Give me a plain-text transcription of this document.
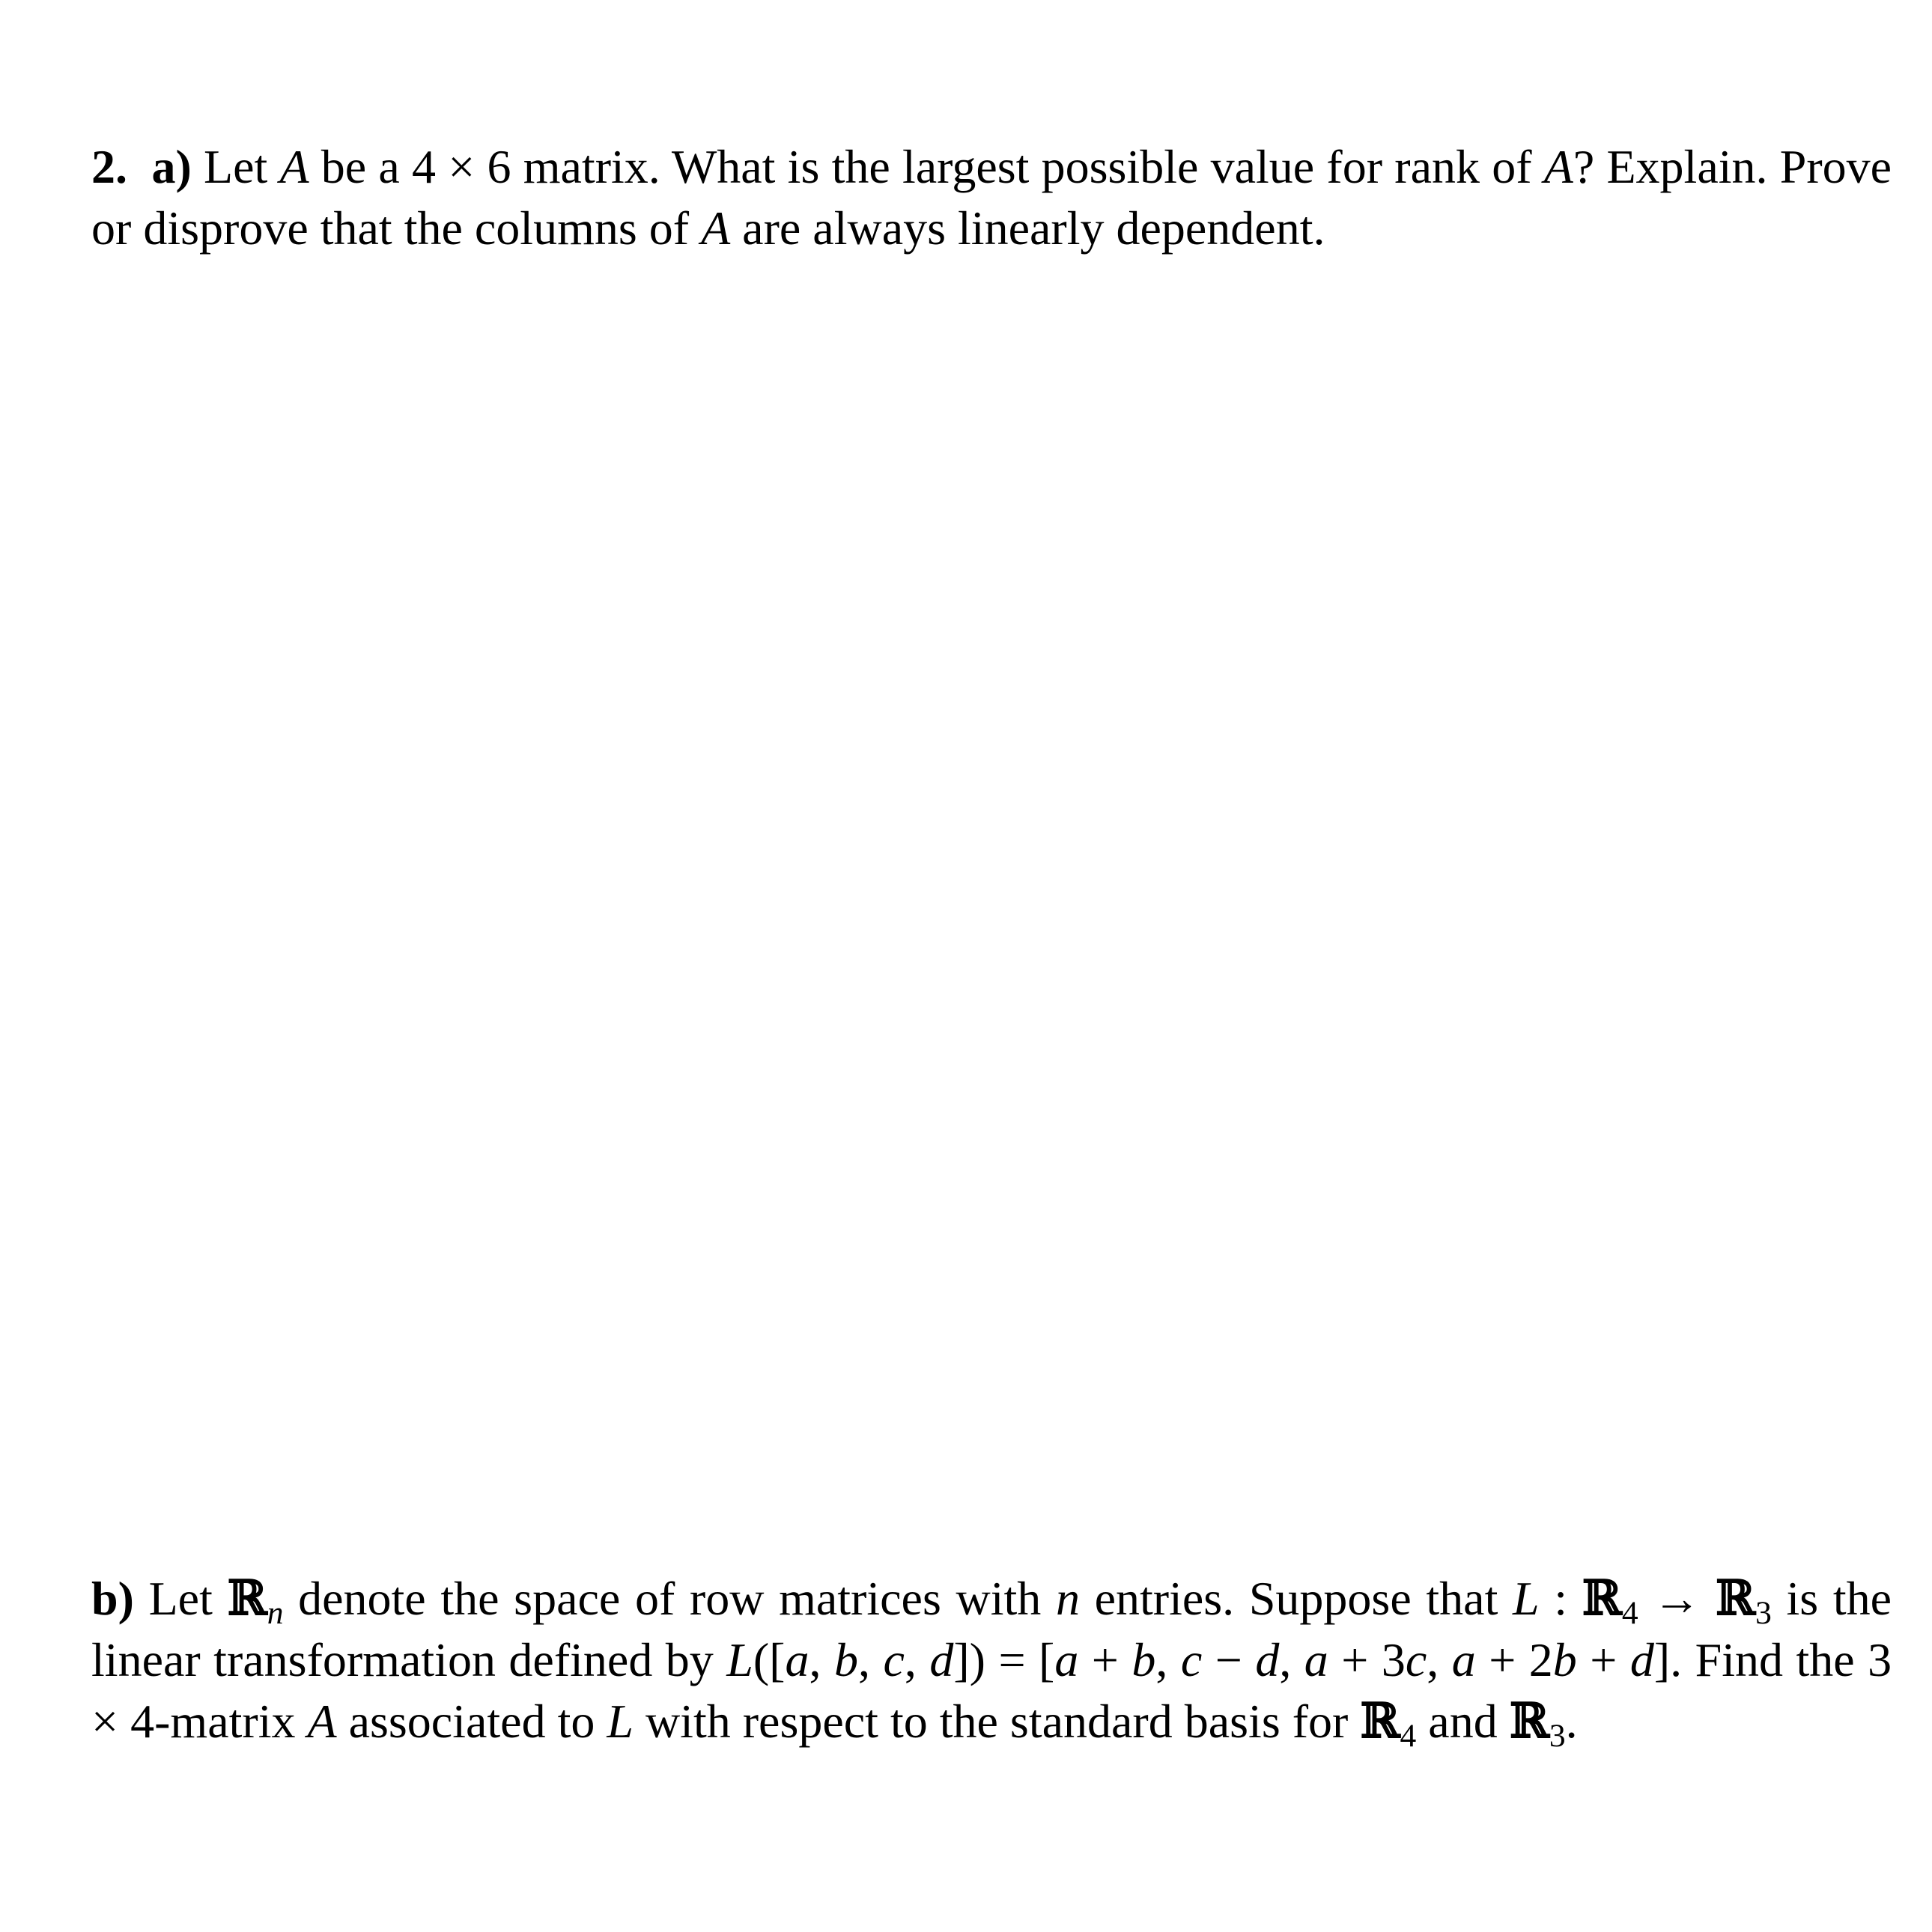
2. a) Let A be a 4 × 6 matrix. What is the largest possible value for rank of A? Explain. Prove or disprove that the columns of A are always linearly dependent.

b) Let ℝ$_n$ denote the space of row matrices with n entries. Suppose that L : ℝ$_4$ → ℝ$_3$ is the linear transformation defined by L([a, b, c, d]) = [a + b, c − d, a + 3c, a + 2b + d]. Find the 3 × 4-matrix A associated to L with respect to the standard basis for ℝ$_4$ and ℝ$_3$.
